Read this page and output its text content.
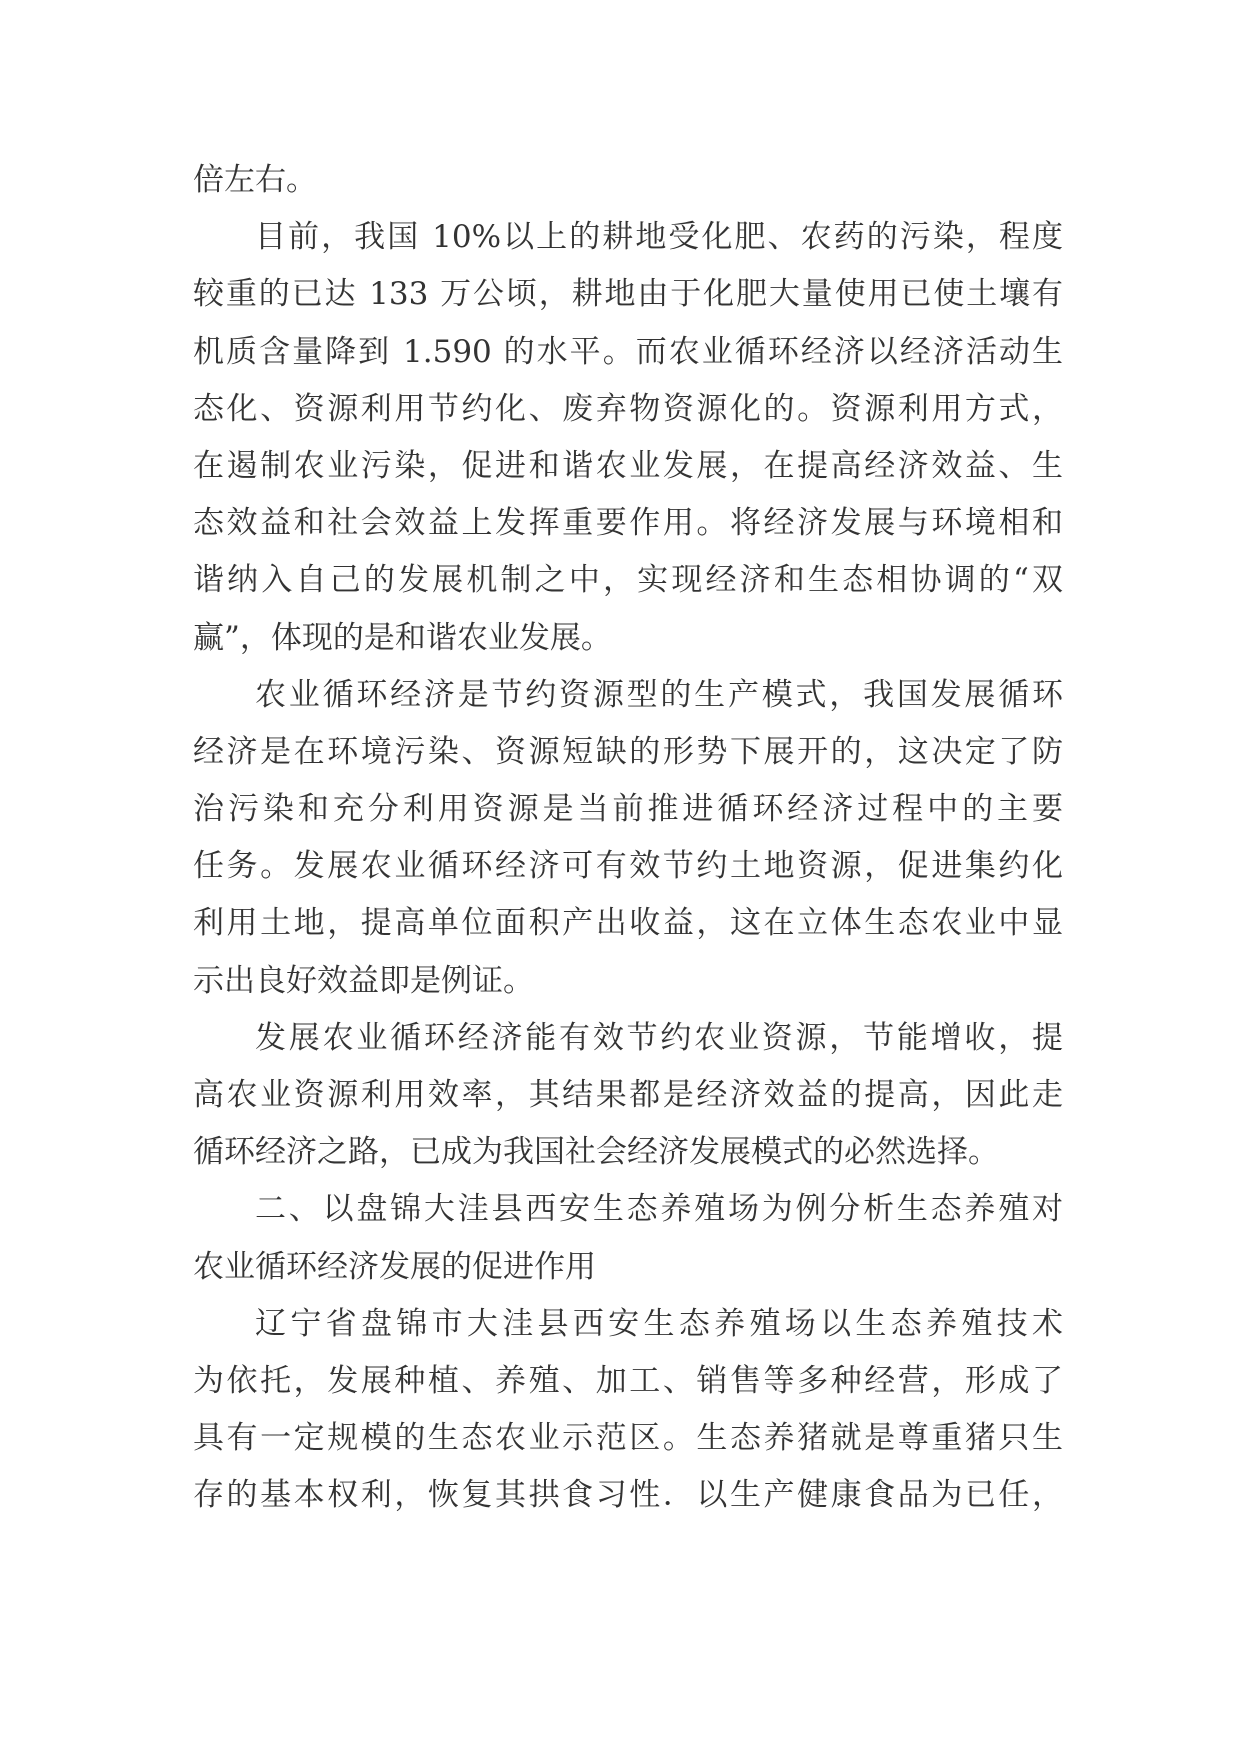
倍左右。
目前，我国 10%以上的耕地受化肥、农药的污染，程度
较重的已达 133 万公顷，耕地由于化肥大量使用已使土壤有
机质含量降到 1.590 的水平。而农业循环经济以经济活动生
态化、资源利用节约化、废弃物资源化的。资源利用方式，
在遏制农业污染，促进和谐农业发展，在提高经济效益、生
态效益和社会效益上发挥重要作用。将经济发展与环境相和
谐纳入自己的发展机制之中，实现经济和生态相协调的“双
赢”，体现的是和谐农业发展。
农业循环经济是节约资源型的生产模式，我国发展循环
经济是在环境污染、资源短缺的形势下展开的，这决定了防
治污染和充分利用资源是当前推进循环经济过程中的主要
任务。发展农业循环经济可有效节约土地资源，促进集约化
利用土地，提高单位面积产出收益，这在立体生态农业中显
示出良好效益即是例证。
发展农业循环经济能有效节约农业资源，节能增收，提
高农业资源利用效率，其结果都是经济效益的提高，因此走
循环经济之路，已成为我国社会经济发展模式的必然选择。
二、以盘锦大洼县西安生态养殖场为例分析生态养殖对
农业循环经济发展的促进作用
辽宁省盘锦市大洼县西安生态养殖场以生态养殖技术
为依托，发展种植、养殖、加工、销售等多种经营，形成了
具有一定规模的生态农业示范区。生态养猪就是尊重猪只生
存的基本权利，恢复其拱食习性．以生产健康食品为已任，
